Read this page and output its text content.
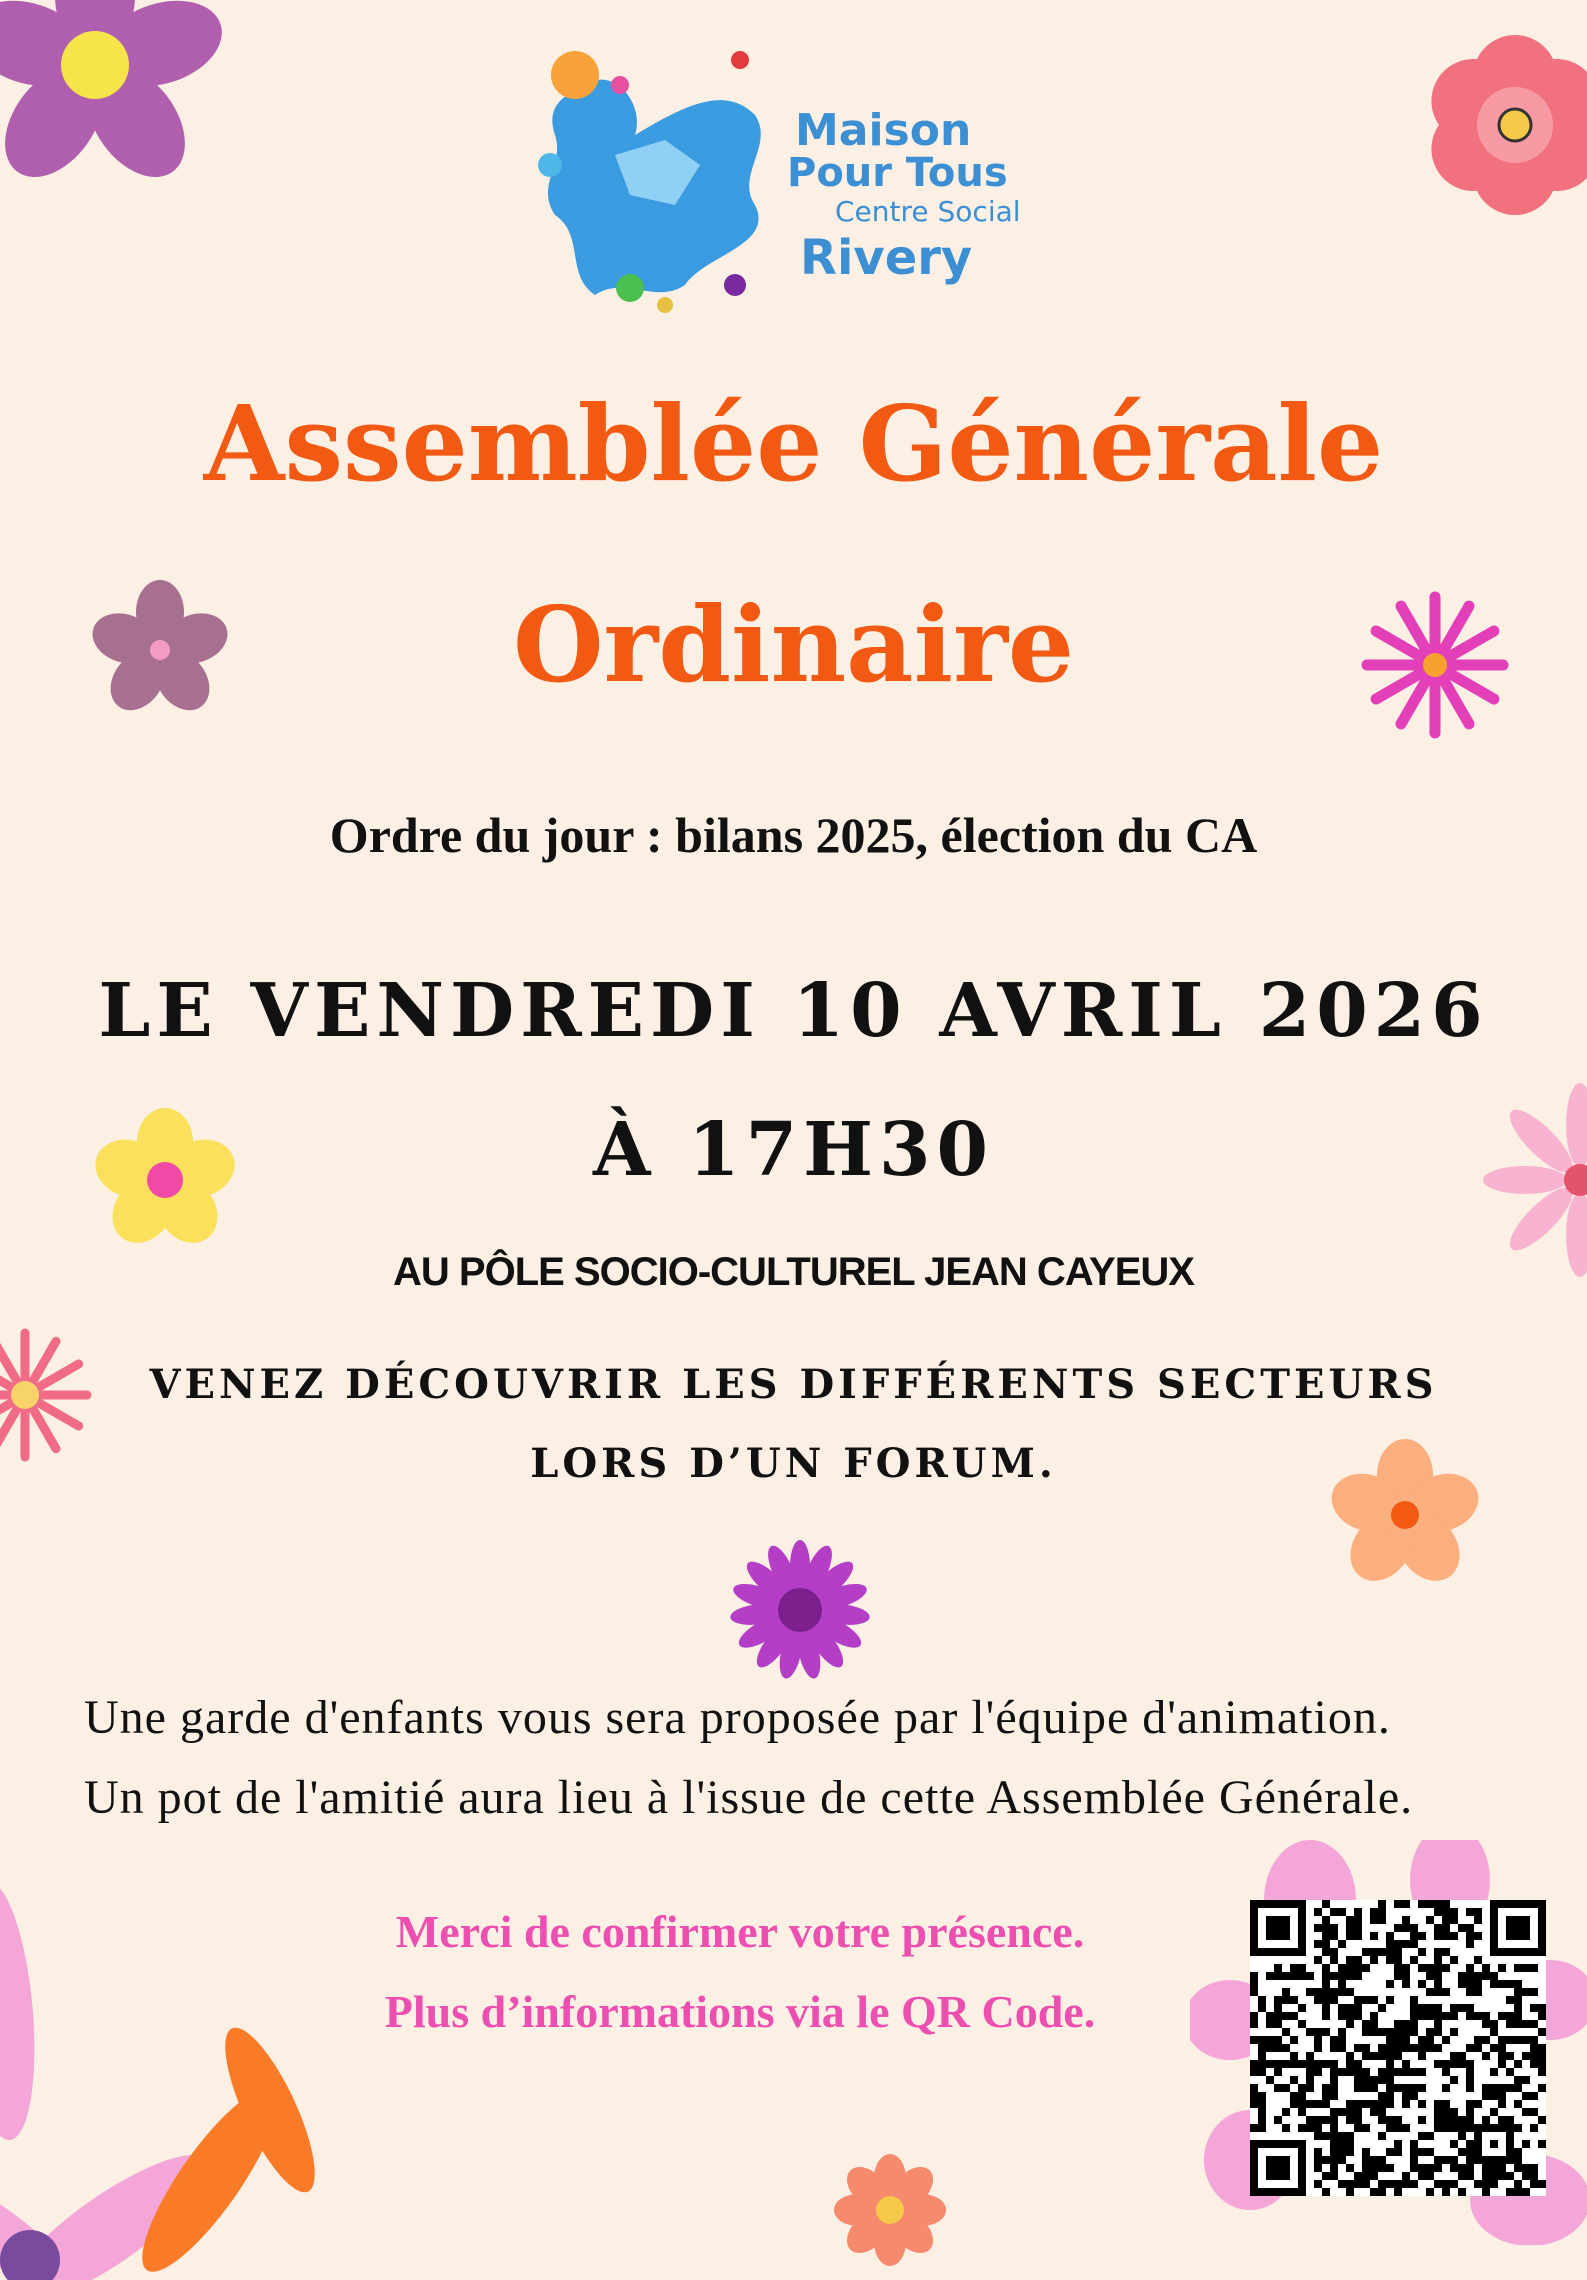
Maison
Pour Tous
Centre Social
Rivery
Assemblée Générale
Ordinaire
Ordre du jour : bilans 2025, élection du CA
LE VENDREDI 10 AVRIL 2026
À 17H30
AU PÔLE SOCIO-CULTUREL JEAN CAYEUX
VENEZ DÉCOUVRIR LES DIFFÉRENTS SECTEURS
LORS D’UN FORUM.
Une garde d'enfants vous sera proposée par l'équipe d'animation.
Un pot de l'amitié aura lieu à l'issue de cette Assemblée Générale.
Merci de confirmer votre présence.
Plus d’informations via le QR Code.
